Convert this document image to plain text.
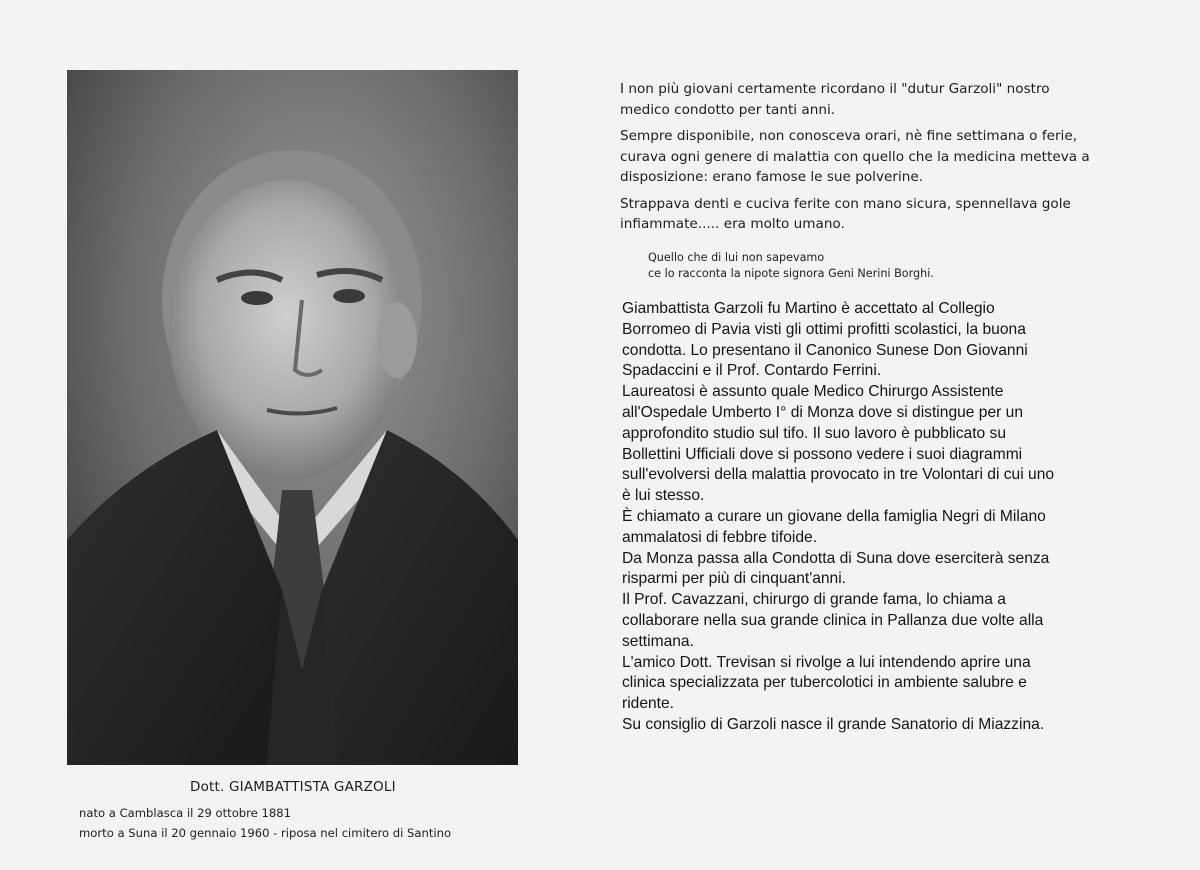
Dott. GIAMBATTISTA GARZOLI
nato a Camblasca il 29 ottobre 1881
morto a Suna il 20 gennaio 1960 - riposa nel cimitero di Santino

I non più giovani certamente ricordano il "dutur Garzoli" nostro medico condotto per tanti anni.

Sempre disponibile, non conosceva orari, nè fine settimana o ferie, curava ogni genere di malattia con quello che la medicina metteva a disposizione: erano famose le sue polverine.

Strappava denti e cuciva ferite con mano sicura, spennellava gole infiammate..... era molto umano.

Quello che di lui non sapevamo
ce lo racconta la nipote signora Geni Nerini Borghi.
Giambattista Garzoli fu Martino è accettato al Collegio
Borromeo di Pavia visti gli ottimi profitti scolastici, la buona
condotta. Lo presentano il Canonico Sunese Don Giovanni
Spadaccini e il Prof. Contardo Ferrini.
Laureatosi è assunto quale Medico Chirurgo Assistente
all'Ospedale Umberto I° di Monza dove si distingue per un
approfondito studio sul tifo. Il suo lavoro è pubblicato su
Bollettini Ufficiali dove si possono vedere i suoi diagrammi
sull'evolversi della malattia provocato in tre Volontari di cui uno
è lui stesso.
È chiamato a curare un giovane della famiglia Negri di Milano
ammalatosi di febbre tifoide.
Da Monza passa alla Condotta di Suna dove eserciterà senza
risparmi per più di cinquant'anni.
Il Prof. Cavazzani, chirurgo di grande fama, lo chiama a
collaborare nella sua grande clinica in Pallanza due volte alla
settimana.
L'amico Dott. Trevisan si rivolge a lui intendendo aprire una
clinica specializzata per tubercolotici in ambiente salubre e
ridente.
Su consiglio di Garzoli nasce il grande Sanatorio di Miazzina.
